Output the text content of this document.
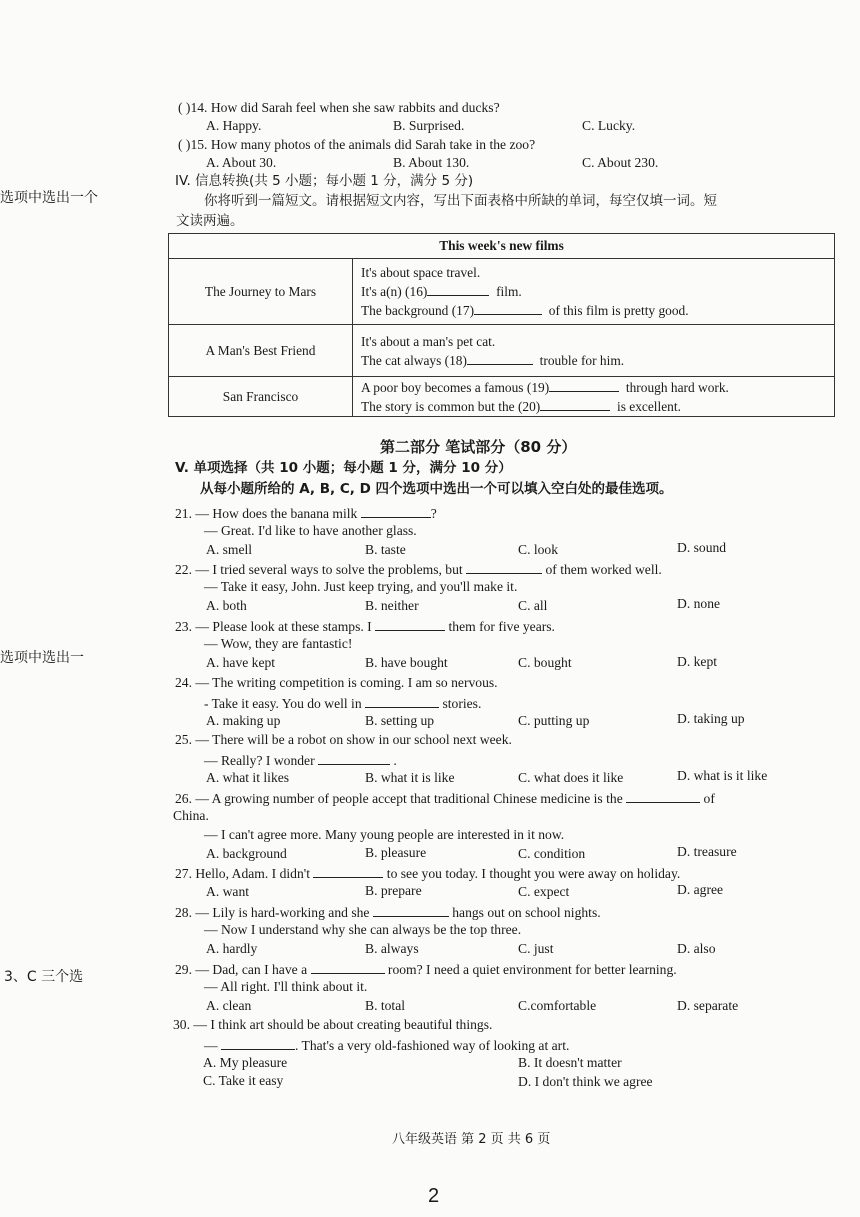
选项中选出一个
选项中选出一
3、C 三个选
( )14. How did Sarah feel when she saw rabbits and ducks?
A. Happy.	B. Surprised.	C. Lucky.
( )15. How many photos of the animals did Sarah take in the zoo?
A. About 30.	B. About 130.	C. About 230.
IV. 信息转换(共 5 小题；每小题 1 分，满分 5 分)
你将听到一篇短文。请根据短文内容，写出下面表格中所缺的单词，每空仅填一词。短
文读两遍。
This week's new films	
The Journey to Mars	It's about space travel.
It's a(n) (16) film.
The background (17) of this film is pretty good.

A Man's Best Friend	It's about a man's pet cat.
The cat always (18) trouble for him.

San Francisco	A poor boy becomes a famous (19) through hard work.
The story is common but the (20) is excellent.
第二部分 笔试部分（80 分）
V. 单项选择（共 10 小题；每小题 1 分，满分 10 分）
从每小题所给的 A, B, C, D 四个选项中选出一个可以填入空白处的最佳选项。
21. — How does the banana milk	?
— Great. I'd like to have another glass.
A. smell	B. taste	C. look	D. sound
22. — I tried several ways to solve the problems, but	of them worked well.
— Take it easy, John. Just keep trying, and you'll make it.
A. both	B. neither	C. all	D. none
23. — Please look at these stamps. I	them for five years.
— Wow, they are fantastic!
A. have kept	B. have bought	C. bought	D. kept
24. — The writing competition is coming. I am so nervous.
- Take it easy. You do well in	stories.
A. making up	B. setting up	C. putting up	D. taking up
25. — There will be a robot on show in our school next week.
— Really? I wonder	.
A. what it likes	B. what it is like	C. what does it like	D. what is it like
26. — A growing number of people accept that traditional Chinese medicine is the	of
China.
— I can't agree more. Many young people are interested in it now.
A. background	B. pleasure	C. condition	D. treasure
27. Hello, Adam. I didn't	to see you today. I thought you were away on holiday.
A. want	B. prepare	C. expect	D. agree
28. — Lily is hard-working and she	hangs out on school nights.
— Now I understand why she can always be the top three.
A. hardly	B. always	C. just	D. also
29. — Dad, can I have a	room? I need a quiet environment for better learning.
— All right. I'll think about it.
A. clean	B. total	C.comfortable	D. separate
30. — I think art should be about creating beautiful things.
—	. That's a very old-fashioned way of looking at art.
A. My pleasure	B. It doesn't matter
C. Take it easy	D. I don't think we agree
八年级英语 第 2 页 共 6 页
2
